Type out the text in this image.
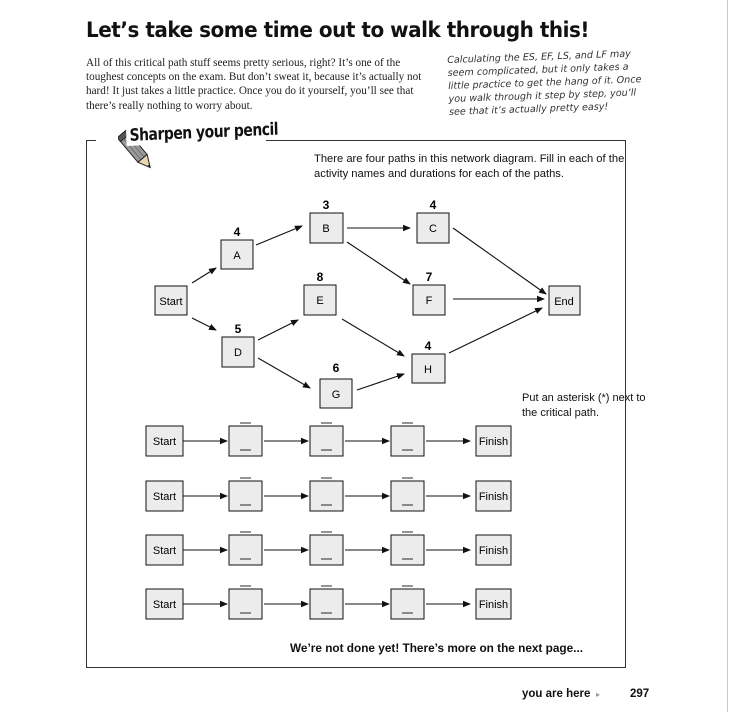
Let’s take some time out to walk through this!
All of this critical path stuff seems pretty serious, right? It’s one of the toughest concepts on the exam. But don’t sweat it, because it’s actually not hard! It just takes a little practice. Once you do it yourself, you’ll see that there’s really nothing to worry about.
Calculating the ES, EF, LS, and LF may seem complicated, but it only takes a little practice to get the hang of it. Once you walk through it step by step, you’ll see that it’s actually pretty easy!
Sharpen your pencil
There are four paths in this network diagram. Fill in each of the activity names and durations for each of the paths.
Put an asterisk (*) next to the critical path.
Start
A
4	B
3
C
4
D
5
E
8
F
7
G
6	H
4
End
Start	Finish
Start	Finish
Start	Finish
Start	Finish
We’re not done yet! There’s more on the next page...
you are here ▸	297
